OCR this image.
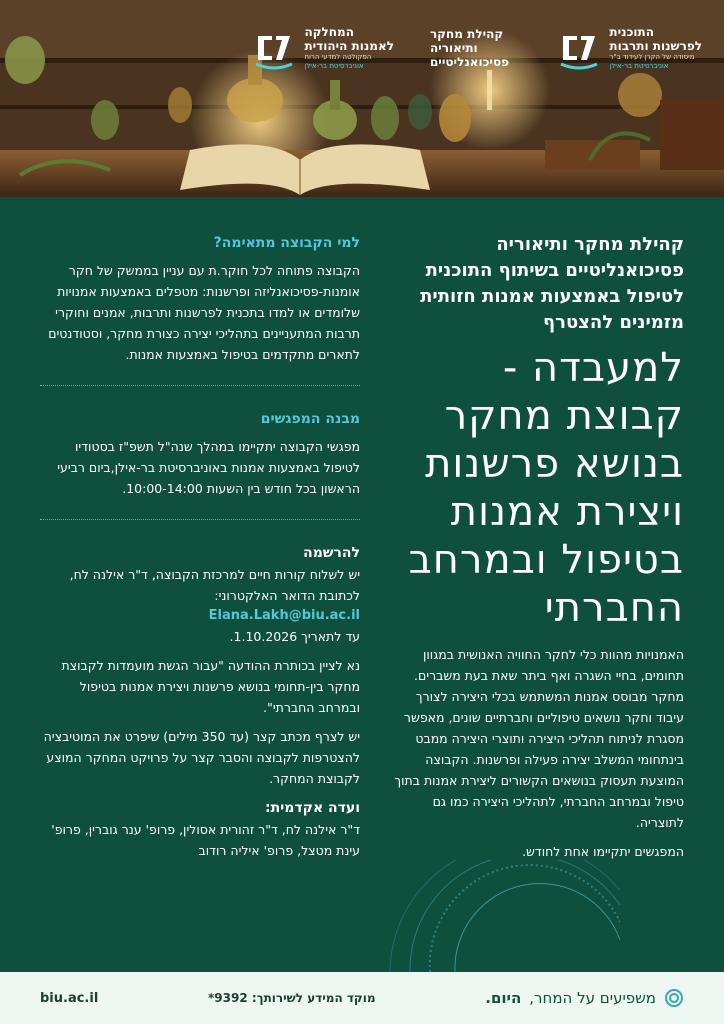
התוכנית
לפרשנות ותרבות
מיסודה של הקרן לעידוד ב"ר
אוניברסיטת בר-אילן
קהילת מחקר
ותיאוריה
פסיכואנליטיים
המחלקה
לאמנות היהודית
הפקולטה למדעי הרוח
אוניברסיטת בר-אילן

קהילת מחקר ותיאוריה פסיכואנליטיים בשיתוף התוכנית לטיפול באמצעות אמנות חזותית מזמינים להצטרף

למעבדה -
קבוצת מחקר
בנושא פרשנות
ויצירת אמנות
בטיפול ובמרחב
החברתי

האמנויות מהוות כלי לחקר החוויה האנושית במגוון תחומים, בחיי השגרה ואף ביתר שאת בעת משברים. מחקר מבוסס אמנות המשתמש בכלי היצירה לצורך עיבוד וחקר נושאים טיפוליים וחברתיים שונים, מאפשר מסגרת לניתוח תהליכי היצירה ותוצרי היצירה ממבט בינתחומי המשלב יצירה פעילה ופרשנות. הקבוצה המוצעת תעסוק בנושאים הקשורים ליצירת אמנות בתוך טיפול ובמרחב החברתי, לתהליכי היצירה כמו גם לתוצריה.

המפגשים יתקיימו אחת לחודש.

למי הקבוצה מתאימה?

הקבוצה פתוחה לכל חוקר.ת עם עניין בממשק של חקר אומנות-פסיכואנליזה ופרשנות: מטפלים באמצעות אמנויות שלומדים או למדו בתכנית לפרשנות ותרבות, אמנים וחוקרי תרבות המתעניינים בתהליכי יצירה כצורת מחקר, וסטודנטים לתארים מתקדמים בטיפול באמצעות אמנות.

מבנה המפגשים

מפגשי הקבוצה יתקיימו במהלך שנה"ל תשפ"ז בסטודיו לטיפול באמצעות אמנות באוניברסיטת בר-אילן,ביום רביעי הראשון בכל חודש בין השעות 10:00-14:00.

להרשמה

יש לשלוח קורות חיים למרכזת הקבוצה, ד"ר אילנה לח, לכתובת הדואר האלקטרוני:

Elana.Lakh@biu.ac.il

עד לתאריך 1.10.2026.

נא לציין בכותרת ההודעה "עבור הגשת מועמדות לקבוצת מחקר בין-תחומי בנושא פרשנות ויצירת אמנות בטיפול ובמרחב החברתי".

יש לצרף מכתב קצר (עד 350 מילים) שיפרט את המוטיבציה להצטרפות לקבוצה והסבר קצר על פרויקט המחקר המוצע לקבוצת המחקר.

ועדה אקדמית:

ד"ר אילנה לח, ד"ר זהורית אסולין, פרופ' ענר גוברין, פרופ' עינת מטצל, פרופ' איליה רודוב

משפיעים על המחר,
היום.
מוקד המידע לשירותך: 9392*
biu.ac.il
